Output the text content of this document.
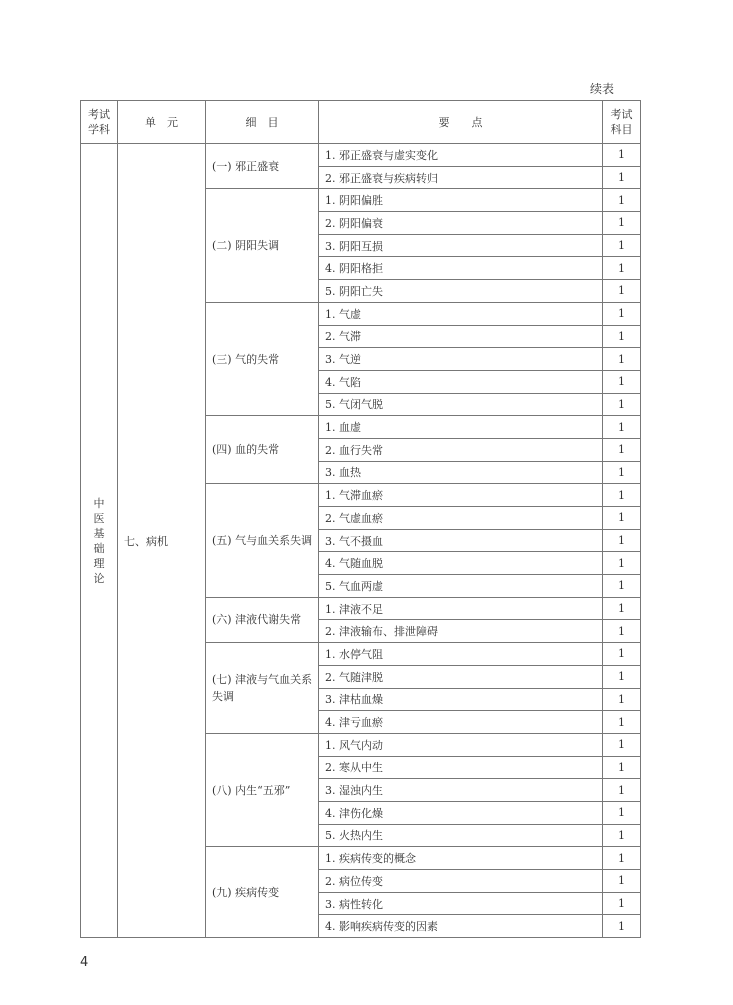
续表
考试学科	单　元	细　目	要　　点	考试科目

中医基础理论	七、病机	(一) 邪正盛衰	1. 邪正盛衰与虚实变化	1
			2. 邪正盛衰与疾病转归	1
		(二) 阴阳失调	1. 阴阳偏胜	1
			2. 阴阳偏衰	1
			3. 阴阳互损	1
			4. 阴阳格拒	1
			5. 阴阳亡失	1
		(三) 气的失常	1. 气虚	1
			2. 气滞	1
			3. 气逆	1
			4. 气陷	1
			5. 气闭气脱	1
		(四) 血的失常	1. 血虚	1
			2. 血行失常	1
			3. 血热	1
		(五) 气与血关系失调	1. 气滞血瘀	1
			2. 气虚血瘀	1
			3. 气不摄血	1
			4. 气随血脱	1
			5. 气血两虚	1
		(六) 津液代谢失常	1. 津液不足	1
			2. 津液输布、排泄障碍	1
		(七) 津液与气血关系失调	1. 水停气阻	1
			2. 气随津脱	1
			3. 津枯血燥	1
			4. 津亏血瘀	1
		(八) 内生“五邪”	1. 风气内动	1
			2. 寒从中生	1
			3. 湿浊内生	1
			4. 津伤化燥	1
			5. 火热内生	1
		(九) 疾病传变	1. 疾病传变的概念	1
			2. 病位传变	1
			3. 病性转化	1
			4. 影响疾病传变的因素	1
4
